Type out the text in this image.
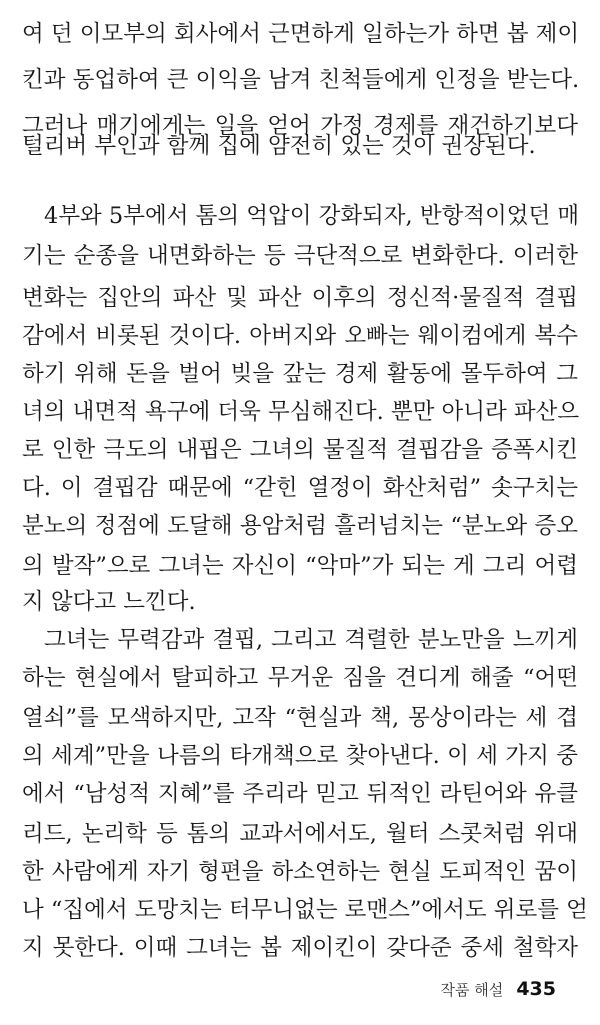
여 던 이모부의 회사에서 근면하게 일하는가 하면 봅 제이
킨과 동업하여 큰 이익을 남겨 친척들에게 인정을 받는다.
그러나 매기에게는 일을 얻어 가정 경제를 재건하기보다
털리버 부인과 함께 집에 얌전히 있는 것이 권장된다.
4부와 5부에서 톰의 억압이 강화되자, 반항적이었던 매
기는 순종을 내면화하는 등 극단적으로 변화한다. 이러한
변화는 집안의 파산 및 파산 이후의 정신적·물질적 결핍
감에서 비롯된 것이다. 아버지와 오빠는 웨이컴에게 복수
하기 위해 돈을 벌어 빚을 갚는 경제 활동에 몰두하여 그
녀의 내면적 욕구에 더욱 무심해진다. 뿐만 아니라 파산으
로 인한 극도의 내핍은 그녀의 물질적 결핍감을 증폭시킨
다. 이 결핍감 때문에 “갇힌 열정이 화산처럼” 솟구치는
분노의 정점에 도달해 용암처럼 흘러넘치는 “분노와 증오
의 발작”으로 그녀는 자신이 “악마”가 되는 게 그리 어렵
지 않다고 느낀다.
그녀는 무력감과 결핍, 그리고 격렬한 분노만을 느끼게
하는 현실에서 탈피하고 무거운 짐을 견디게 해줄 “어떤
열쇠”를 모색하지만, 고작 “현실과 책, 몽상이라는 세 겹
의 세계”만을 나름의 타개책으로 찾아낸다. 이 세 가지 중
에서 “남성적 지혜”를 주리라 믿고 뒤적인 라틴어와 유클
리드, 논리학 등 톰의 교과서에서도, 월터 스콧처럼 위대
한 사람에게 자기 형편을 하소연하는 현실 도피적인 꿈이
나 “집에서 도망치는 터무니없는 로맨스”에서도 위로를 얻
지 못한다. 이때 그녀는 봅 제이킨이 갖다준 중세 철학자
작품 해설 435
